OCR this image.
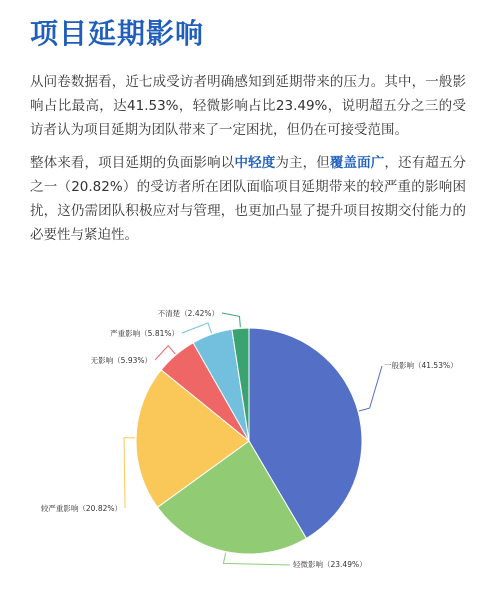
项目延期影响

从问卷数据看，近七成受访者明确感知到延期带来的压力。其中，一般影响占比最高，达41.53%，轻微影响占比23.49%，说明超五分之三的受访者认为项目延期为团队带来了一定困扰，但仍在可接受范围。

整体来看，项目延期的负面影响以中轻度为主，但覆盖面广，还有超五分之一（20.82%）的受访者所在团队面临项目延期带来的较严重的影响困扰，这仍需团队积极应对与管理，也更加凸显了提升项目按期交付能力的必要性与紧迫性。

一般影响（41.53%）
轻微影响（23.49%）
较严重影响（20.82%）
无影响（5.93%）
严重影响（5.81%）
不清楚（2.42%）
